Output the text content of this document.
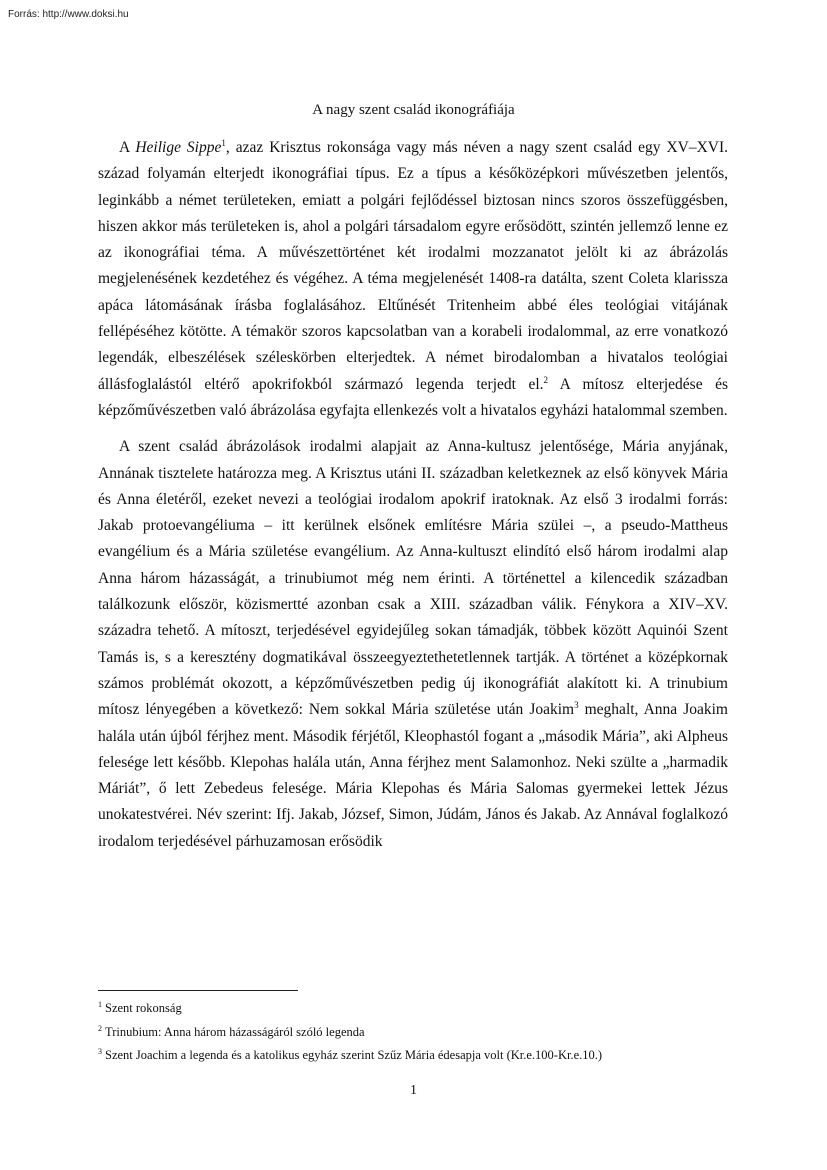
Forrás: http://www.doksi.hu
A nagy szent család ikonográfiája

A Heilige Sippe$^1$, azaz Krisztus rokonsága vagy más néven a nagy szent család egy XV–XVI. század folyamán elterjedt ikonográfiai típus. Ez a típus a későközépkori művészetben jelentős, leginkább a német területeken, emiatt a polgári fejlődéssel biztosan nincs szoros összefüggésben, hiszen akkor más területeken is, ahol a polgári társadalom egyre erősödött, szintén jellemző lenne ez az ikonográfiai téma. A művészettörténet két irodalmi mozzanatot jelölt ki az ábrázolás megjelenésének kezdetéhez és végéhez. A téma megjelenését 1408-ra datálta, szent Coleta klarissza apáca látomásának írásba foglalásához. Eltűnését Tritenheim abbé éles teológiai vitájának fellépéséhez kötötte. A témakör szoros kapcsolatban van a korabeli irodalommal, az erre vonatkozó legendák, elbeszélések széleskörben elterjedtek. A német birodalomban a hivatalos teológiai állásfoglalástól eltérő apokrifokból származó legenda terjedt el.$^2$ A mítosz elterjedése és képzőművészetben való ábrázolása egyfajta ellenkezés volt a hivatalos egyházi hatalommal szemben.

A szent család ábrázolások irodalmi alapjait az Anna-kultusz jelentősége, Mária anyjának, Annának tisztelete határozza meg. A Krisztus utáni II. században keletkeznek az első könyvek Mária és Anna életéről, ezeket nevezi a teológiai irodalom apokrif iratoknak. Az első 3 irodalmi forrás: Jakab protoevangéliuma – itt kerülnek elsőnek említésre Mária szülei –, a pseudo-Mattheus evangélium és a Mária születése evangélium. Az Anna-kultuszt elindító első három irodalmi alap Anna három házasságát, a trinubiumot még nem érinti. A történettel a kilencedik században találkozunk először, közismertté azonban csak a XIII. században válik. Fénykora a XIV–XV. századra tehető. A mítoszt, terjedésével egyidejűleg sokan támadják, többek között Aquinói Szent Tamás is, s a keresztény dogmatikával összeegyeztethetetlennek tartják. A történet a középkornak számos problémát okozott, a képzőművészetben pedig új ikonográfiát alakított ki. A trinubium mítosz lényegében a következő: Nem sokkal Mária születése után Joakim$^3$ meghalt, Anna Joakim halála után újból férjhez ment. Második férjétől, Kleophastól fogant a „második Mária”, aki Alpheus felesége lett később. Klepohas halála után, Anna férjhez ment Salamonhoz. Neki szülte a „harmadik Máriát”, ő lett Zebedeus felesége. Mária Klepohas és Mária Salomas gyermekei lettek Jézus unokatestvérei. Név szerint: Ifj. Jakab, József, Simon, Júdám, János és Jakab. Az Annával foglalkozó irodalom terjedésével párhuzamosan erősödik

$^1$ Szent rokonság
$^2$ Trinubium: Anna három házasságáról szóló legenda
$^3$ Szent Joachim a legenda és a katolikus egyház szerint Szűz Mária édesapja volt (Kr.e.100-Kr.e.10.)
1
